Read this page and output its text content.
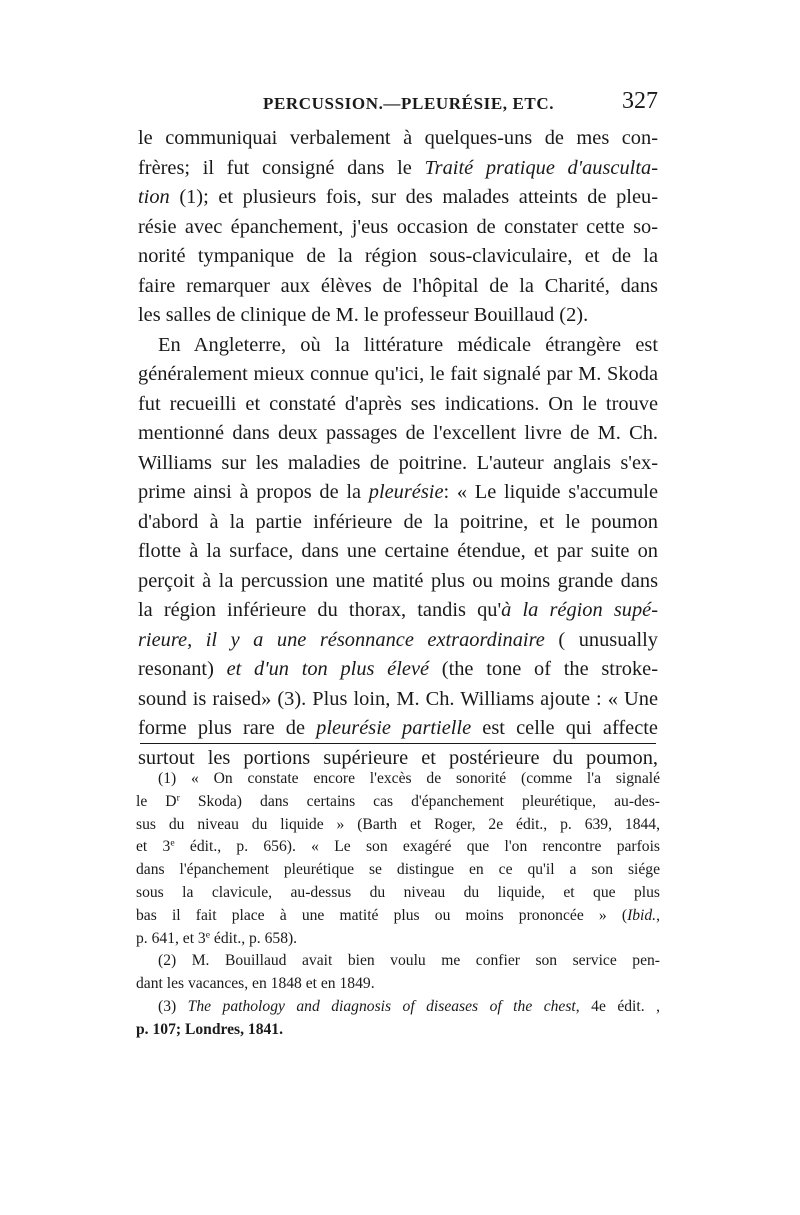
PERCUSSION.—PLEURÉSIE, ETC.	327
le communiquai verbalement à quelques-uns de mes con-
frères; il fut consigné dans le Traité pratique d'ausculta-
tion (1); et plusieurs fois, sur des malades atteints de pleu-
résie avec épanchement, j'eus occasion de constater cette so-
norité tympanique de la région sous-claviculaire, et de la
faire remarquer aux élèves de l'hôpital de la Charité, dans
les salles de clinique de M. le professeur Bouillaud (2).
En Angleterre, où la littérature médicale étrangère est
généralement mieux connue qu'ici, le fait signalé par M. Skoda
fut recueilli et constaté d'après ses indications. On le trouve
mentionné dans deux passages de l'excellent livre de M. Ch.
Williams sur les maladies de poitrine. L'auteur anglais s'ex-
prime ainsi à propos de la pleurésie: « Le liquide s'accumule
d'abord à la partie inférieure de la poitrine, et le poumon
flotte à la surface, dans une certaine étendue, et par suite on
perçoit à la percussion une matité plus ou moins grande dans
la région inférieure du thorax, tandis qu'à la région supé-
rieure, il y a une résonnance extraordinaire ( unusually
resonant) et d'un ton plus élevé (the tone of the stroke-
sound is raised» (3). Plus loin, M. Ch. Williams ajoute : « Une
forme plus rare de pleurésie partielle est celle qui affecte
surtout les portions supérieure et postérieure du poumon,
(1) « On constate encore l'excès de sonorité (comme l'a signalé
le $D^r$ Skoda) dans certains cas d'épanchement pleurétique, au-des-
sus du niveau du liquide » (Barth et Roger, 2e édit., p. 639, 1844,
et 3e édit., p. 656). « Le son exagéré que l'on rencontre parfois
dans l'épanchement pleurétique se distingue en ce qu'il a son siége
sous la clavicule, au-dessus du niveau du liquide, et que plus
bas il fait place à une matité plus ou moins prononcée » (Ibid.,
p. 641, et 3e édit., p. 658).
(2) M. Bouillaud avait bien voulu me confier son service pen-
dant les vacances, en 1848 et en 1849.
(3) The pathology and diagnosis of diseases of the chest, 4e édit. ,
p. 107; Londres, 1841.
